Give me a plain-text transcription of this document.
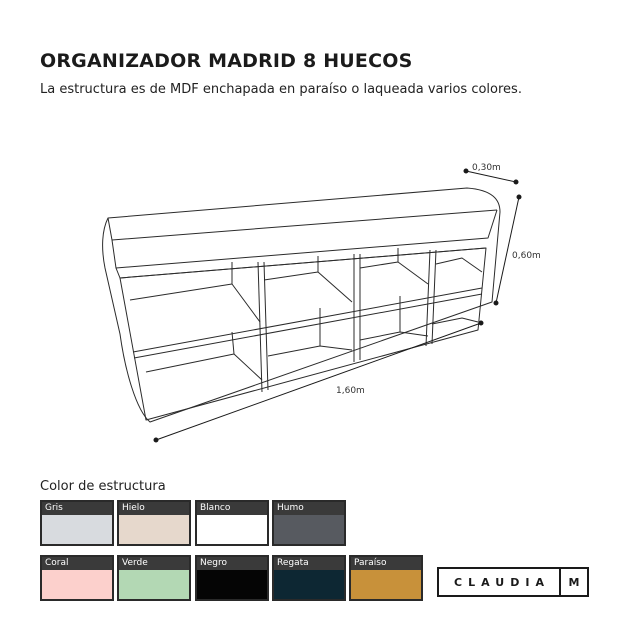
ORGANIZADOR MADRID 8 HUECOS

La estructura es de MDF enchapada en paraíso o laqueada varios colores.

0,30m
0,60m
1,60m
Color de estructura
Gris	Hielo	Blanco	Humo
Coral	Verde	Negro	Regata	Paraíso
CLAUDIA	M
